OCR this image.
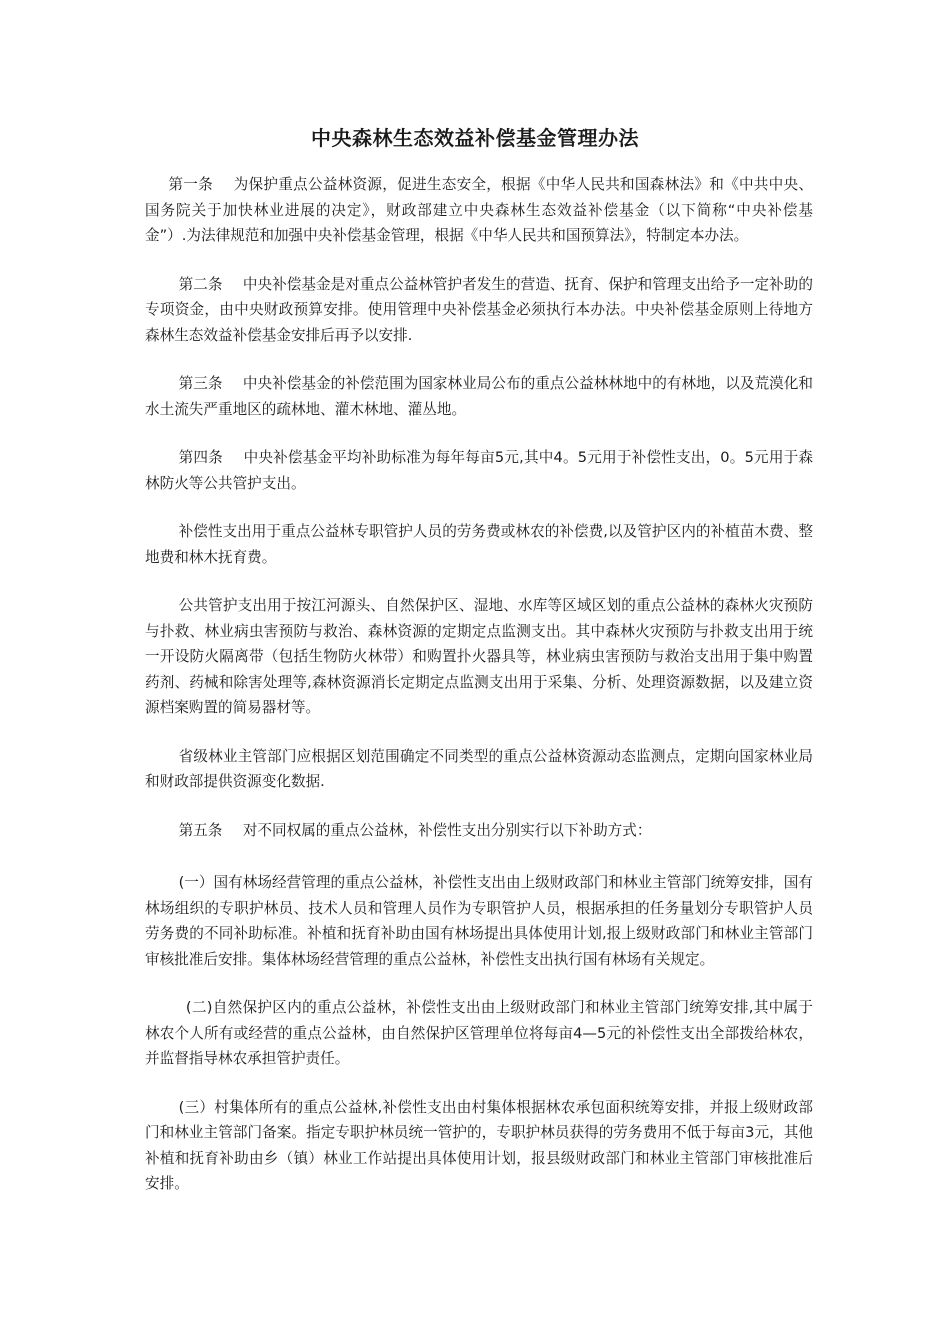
中央森林生态效益补偿基金管理办法

第一条 为保护重点公益林资源，促进生态安全，根据《中华人民共和国森林法》和《中共中央、国务院关于加快林业进展的决定》，财政部建立中央森林生态效益补偿基金（以下简称“中央补偿基金”）.为法律规范和加强中央补偿基金管理，根据《中华人民共和国预算法》，特制定本办法。

第二条 中央补偿基金是对重点公益林管护者发生的营造、抚育、保护和管理支出给予一定补助的专项资金，由中央财政预算安排。使用管理中央补偿基金必须执行本办法。中央补偿基金原则上待地方森林生态效益补偿基金安排后再予以安排.

第三条 中央补偿基金的补偿范围为国家林业局公布的重点公益林林地中的有林地，以及荒漠化和水土流失严重地区的疏林地、灌木林地、灌丛地。

第四条 中央补偿基金平均补助标准为每年每亩5元,其中4。5元用于补偿性支出，0。5元用于森林防火等公共管护支出。

补偿性支出用于重点公益林专职管护人员的劳务费或林农的补偿费,以及管护区内的补植苗木费、整地费和林木抚育费。

公共管护支出用于按江河源头、自然保护区、湿地、水库等区域区划的重点公益林的森林火灾预防与扑救、林业病虫害预防与救治、森林资源的定期定点监测支出。其中森林火灾预防与扑救支出用于统一开设防火隔离带（包括生物防火林带）和购置扑火器具等，林业病虫害预防与救治支出用于集中购置药剂、药械和除害处理等,森林资源消长定期定点监测支出用于采集、分析、处理资源数据，以及建立资源档案购置的简易器材等。

省级林业主管部门应根据区划范围确定不同类型的重点公益林资源动态监测点，定期向国家林业局和财政部提供资源变化数据.

第五条 对不同权属的重点公益林，补偿性支出分别实行以下补助方式：

(一）国有林场经营管理的重点公益林，补偿性支出由上级财政部门和林业主管部门统筹安排，国有林场组织的专职护林员、技术人员和管理人员作为专职管护人员，根据承担的任务量划分专职管护人员劳务费的不同补助标准。补植和抚育补助由国有林场提出具体使用计划,报上级财政部门和林业主管部门审核批准后安排。集体林场经营管理的重点公益林，补偿性支出执行国有林场有关规定。

(二)自然保护区内的重点公益林，补偿性支出由上级财政部门和林业主管部门统筹安排,其中属于林农个人所有或经营的重点公益林，由自然保护区管理单位将每亩4—5元的补偿性支出全部拨给林农，并监督指导林农承担管护责任。

(三）村集体所有的重点公益林,补偿性支出由村集体根据林农承包面积统筹安排，并报上级财政部门和林业主管部门备案。指定专职护林员统一管护的，专职护林员获得的劳务费用不低于每亩3元，其他补植和抚育补助由乡（镇）林业工作站提出具体使用计划，报县级财政部门和林业主管部门审核批准后安排。
